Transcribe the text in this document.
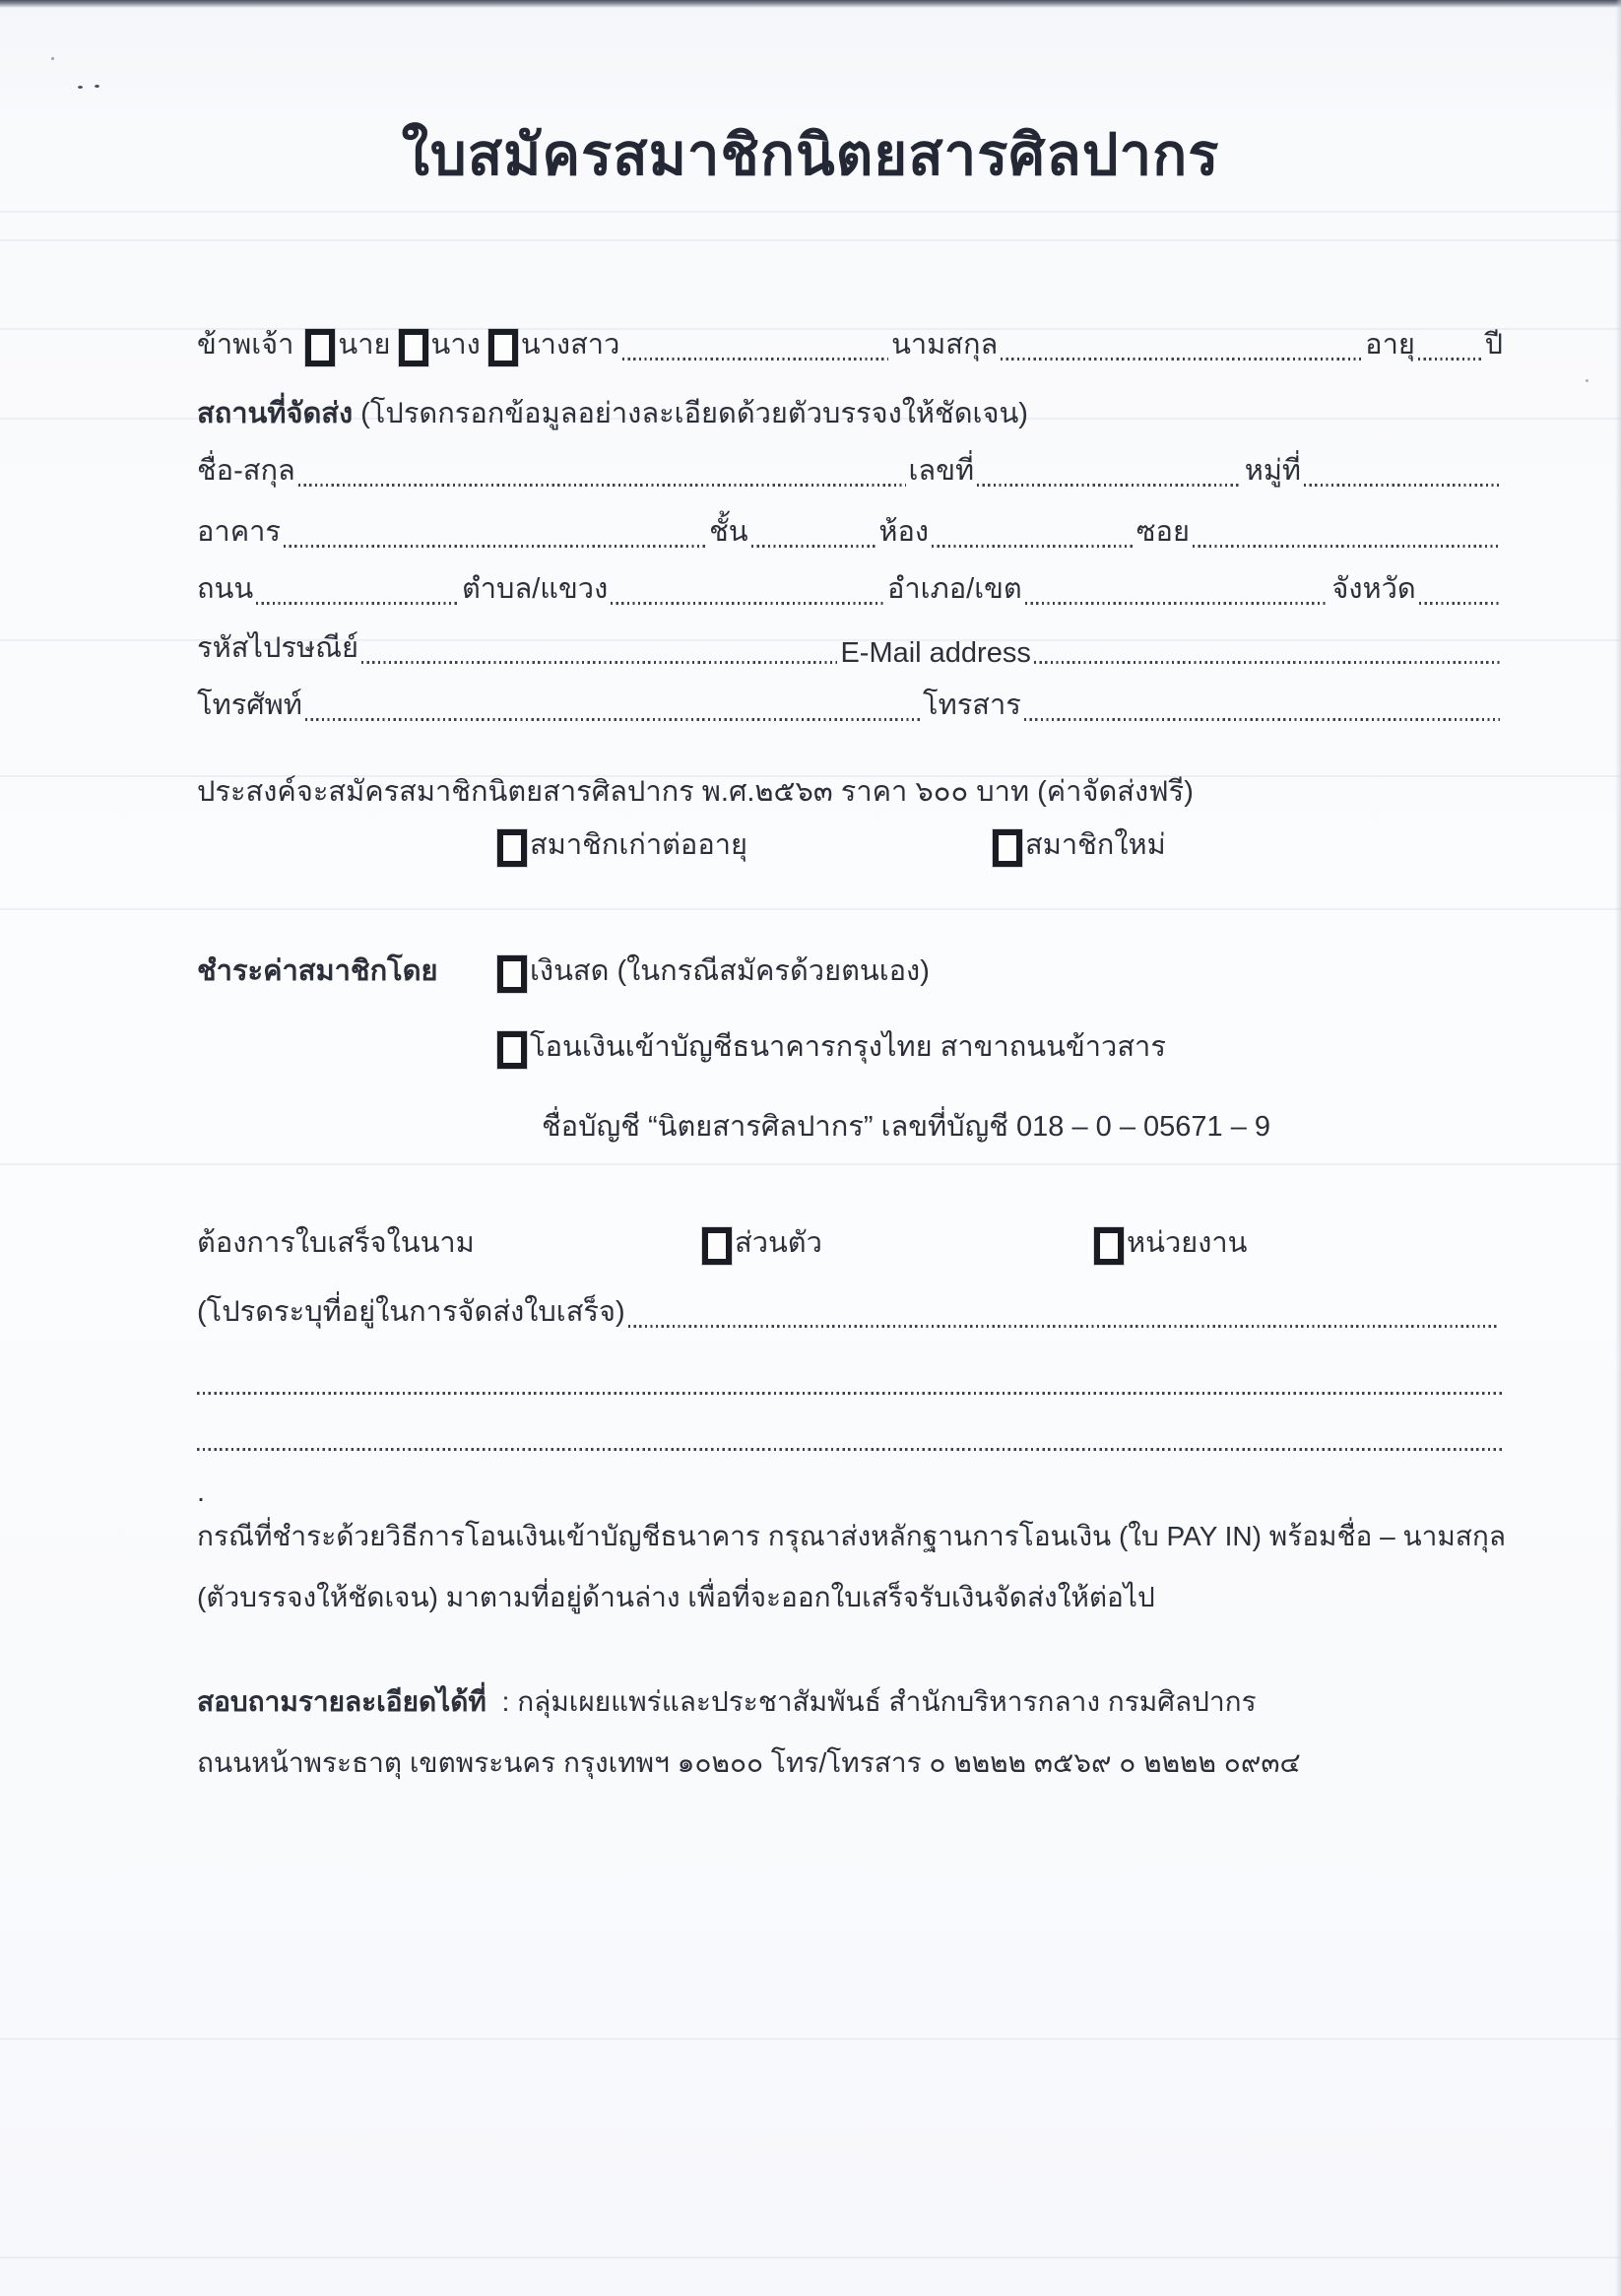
ใบสมัครสมาชิกนิตยสารศิลปากร
ข้าพเจ้า นาย นาง นางสาว	นามสกุล	อายุ ปี
สถานที่จัดส่ง (โปรดกรอกข้อมูลอย่างละเอียดด้วยตัวบรรจงให้ชัดเจน)
ชื่อ-สกุล	เลขที่	หมู่ที่
อาคาร	ชั้น	ห้อง	ซอย
ถนน	ตำบล/แขวง	อำเภอ/เขต	จังหวัด
รหัสไปรษณีย์	E-Mail address
โทรศัพท์	โทรสาร
ประสงค์จะสมัครสมาชิกนิตยสารศิลปากร พ.ศ.๒๕๖๓ ราคา ๖๐๐ บาท (ค่าจัดส่งฟรี)
สมาชิกเก่าต่ออายุ	สมาชิกใหม่
ชำระค่าสมาชิกโดย	เงินสด (ในกรณีสมัครด้วยตนเอง)
โอนเงินเข้าบัญชีธนาคารกรุงไทย สาขาถนนข้าวสาร
ชื่อบัญชี “นิตยสารศิลปากร” เลขที่บัญชี 018 – 0 – 05671 – 9
ต้องการใบเสร็จในนาม	ส่วนตัว	หน่วยงาน
(โปรดระบุที่อยู่ในการจัดส่งใบเสร็จ)
.
กรณีที่ชำระด้วยวิธีการโอนเงินเข้าบัญชีธนาคาร กรุณาส่งหลักฐานการโอนเงิน (ใบ PAY IN) พร้อมชื่อ – นามสกุล
(ตัวบรรจงให้ชัดเจน) มาตามที่อยู่ด้านล่าง เพื่อที่จะออกใบเสร็จรับเงินจัดส่งให้ต่อไป
สอบถามรายละเอียดได้ที่ : กลุ่มเผยแพร่และประชาสัมพันธ์ สำนักบริหารกลาง กรมศิลปากร
ถนนหน้าพระธาตุ เขตพระนคร กรุงเทพฯ ๑๐๒๐๐ โทร/โทรสาร ๐ ๒๒๒๒ ๓๕๖๙ ๐ ๒๒๒๒ ๐๙๓๔
